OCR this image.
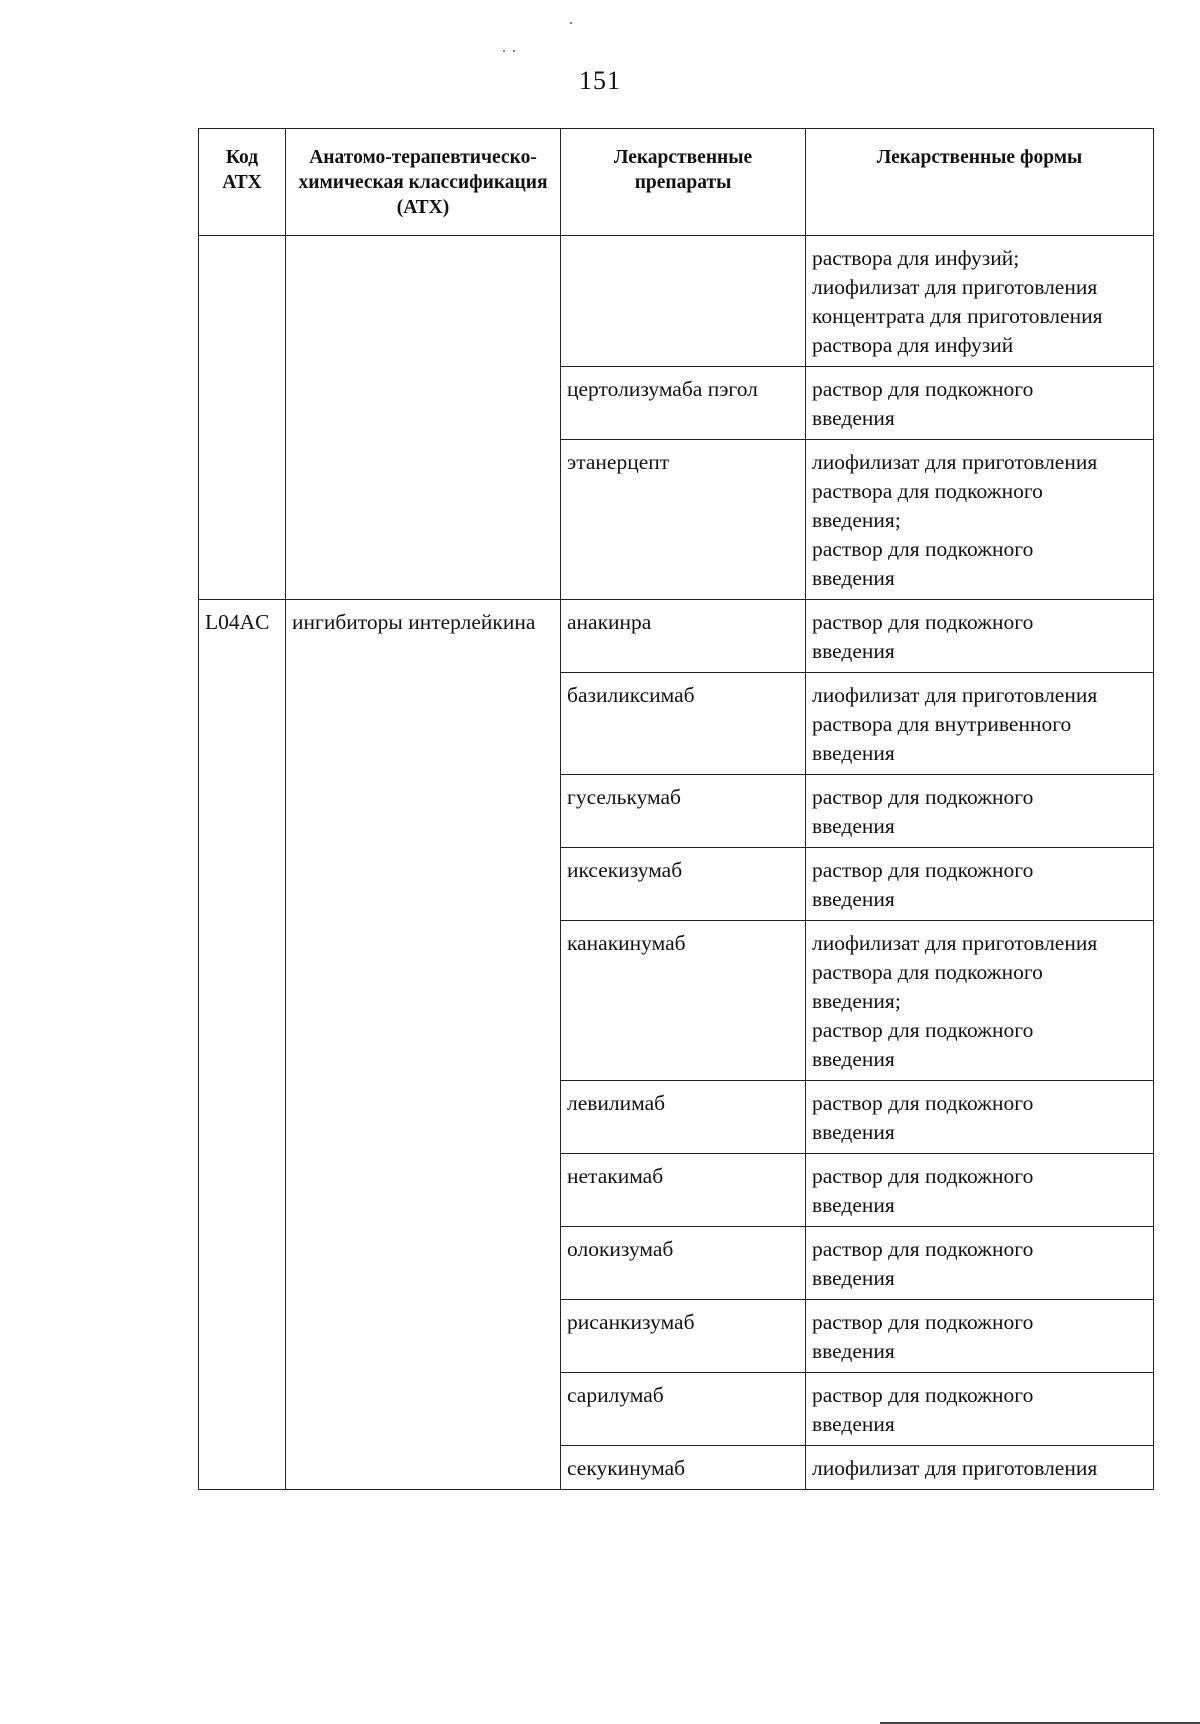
151
Код АТХ	Анатомо-терапевтическо-химическая классификация (АТХ)	Лекарственные препараты	Лекарственные формы

			раствора для инфузий;
лиофилизат для приготовления
концентрата для приготовления
раствора для инфузий

		цертолизумаба пэгол	раствор для подкожного
введения

		этанерцепт	лиофилизат для приготовления
раствора для подкожного
введения;
раствор для подкожного
введения

L04AC	ингибиторы интерлейкина	анакинра	раствор для подкожного
введения

		базиликсимаб	лиофилизат для приготовления
раствора для внутривенного
введения

		гуселькумаб	раствор для подкожного
введения

		иксекизумаб	раствор для подкожного
введения

		канакинумаб	лиофилизат для приготовления
раствора для подкожного
введения;
раствор для подкожного
введения

		левилимаб	раствор для подкожного
введения

		нетакимаб	раствор для подкожного
введения

		олокизумаб	раствор для подкожного
введения

		рисанкизумаб	раствор для подкожного
введения

		сарилумаб	раствор для подкожного
введения

		секукинумаб	лиофилизат для приготовления
